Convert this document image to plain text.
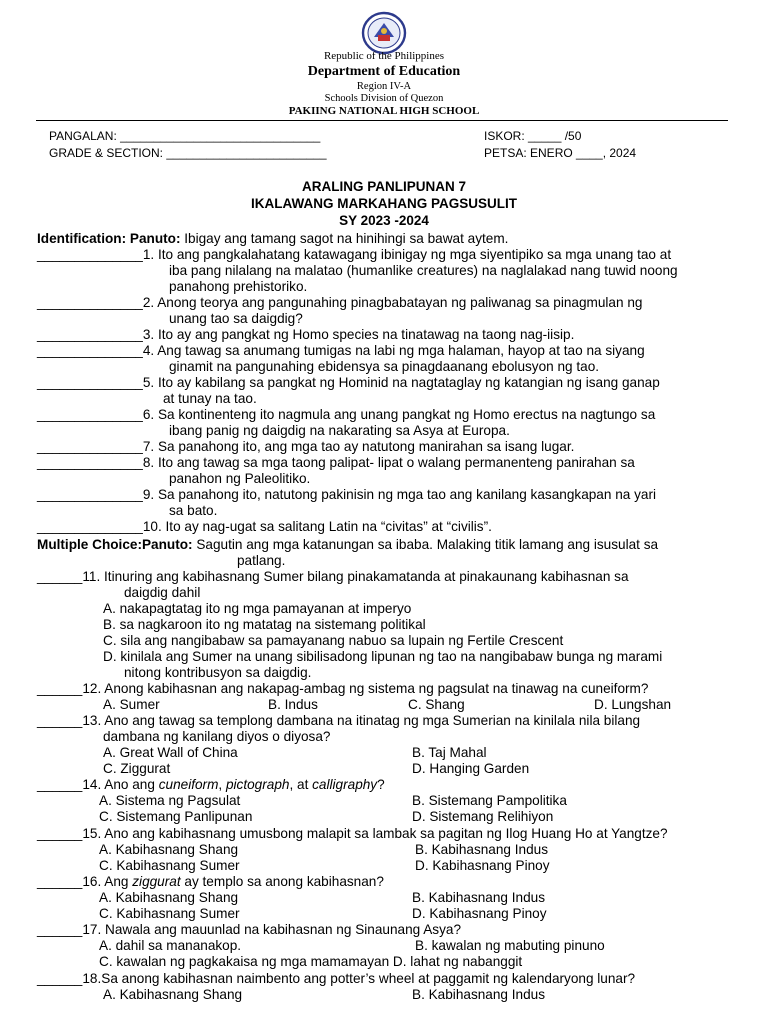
Republic of the Philippines
Department of Education
Region IV-A
Schools Division of Quezon
PAKIING NATIONAL HIGH SCHOOL
PANGALAN: ______________________________
GRADE & SECTION: ________________________
ISKOR: _____ /50
PETSA: ENERO ____, 2024
ARALING PANLIPUNAN 7
IKALAWANG MARKAHANG PAGSUSULIT
SY 2023 -2024
Identification: Panuto: Ibigay ang tamang sagot na hinihingi sa bawat aytem.
______________1. Ito ang pangkalahatang katawagang ibinigay ng mga siyentipiko sa mga unang tao at
iba pang nilalang na malatao (humanlike creatures) na naglalakad nang tuwid noong
panahong prehistoriko.
______________2. Anong teorya ang pangunahing pinagbabatayan ng paliwanag sa pinagmulan ng
unang tao sa daigdig?
______________3. Ito ay ang pangkat ng Homo species na tinatawag na taong nag-iisip.
______________4. Ang tawag sa anumang tumigas na labi ng mga halaman, hayop at tao na siyang
ginamit na pangunahing ebidensya sa pinagdaanang ebolusyon ng tao.
______________5. Ito ay kabilang sa pangkat ng Hominid na nagtataglay ng katangian ng isang ganap
at tunay na tao.
______________6. Sa kontinenteng ito nagmula ang unang pangkat ng Homo erectus na nagtungo sa
ibang panig ng daigdig na nakarating sa Asya at Europa.
______________7. Sa panahong ito, ang mga tao ay natutong manirahan sa isang lugar.
______________8. Ito ang tawag sa mga taong palipat- lipat o walang permanenteng panirahan sa
panahon ng Paleolitiko.
______________9. Sa panahong ito, natutong pakinisin ng mga tao ang kanilang kasangkapan na yari
sa bato.
______________10. Ito ay nag-ugat sa salitang Latin na “civitas” at “civilis”.
Multiple Choice:Panuto: Sagutin ang mga katanungan sa ibaba. Malaking titik lamang ang isusulat sa
patlang.
______11. Itinuring ang kabihasnang Sumer bilang pinakamatanda at pinakaunang kabihasnan sa
daigdig dahil
A. nakapagtatag ito ng mga pamayanan at imperyo
B. sa nagkaroon ito ng matatag na sistemang politikal
C. sila ang nangibabaw sa pamayanang nabuo sa lupain ng Fertile Crescent
D. kinilala ang Sumer na unang sibilisadong lipunan ng tao na nangibabaw bunga ng marami
nitong kontribusyon sa daigdig.
______12. Anong kabihasnan ang nakapag-ambag ng sistema ng pagsulat na tinawag na cuneiform?
A. Sumer	B. Indus	C. Shang	D. Lungshan
______13. Ano ang tawag sa templong dambana na itinatag ng mga Sumerian na kinilala nila bilang
dambana ng kanilang diyos o diyosa?
A. Great Wall of China	B. Taj Mahal
C. Ziggurat	D. Hanging Garden
______14. Ano ang cuneiform, pictograph, at calligraphy?
A. Sistema ng Pagsulat	B. Sistemang Pampolitika
C. Sistemang Panlipunan	D. Sistemang Relihiyon
______15. Ano ang kabihasnang umusbong malapit sa lambak sa pagitan ng Ilog Huang Ho at Yangtze?
A. Kabihasnang Shang	B. Kabihasnang Indus
C. Kabihasnang Sumer	D. Kabihasnang Pinoy
______16. Ang ziggurat ay templo sa anong kabihasnan?
A. Kabihasnang Shang	B. Kabihasnang Indus
C. Kabihasnang Sumer	D. Kabihasnang Pinoy
______17. Nawala ang mauunlad na kabihasnan ng Sinaunang Asya?
A. dahil sa mananakop.	B. kawalan ng mabuting pinuno
C. kawalan ng pagkakaisa ng mga mamamayan D. lahat ng nabanggit
______18.Sa anong kabihasnan naimbento ang potter’s wheel at paggamit ng kalendaryong lunar?
A. Kabihasnang Shang	B. Kabihasnang Indus
